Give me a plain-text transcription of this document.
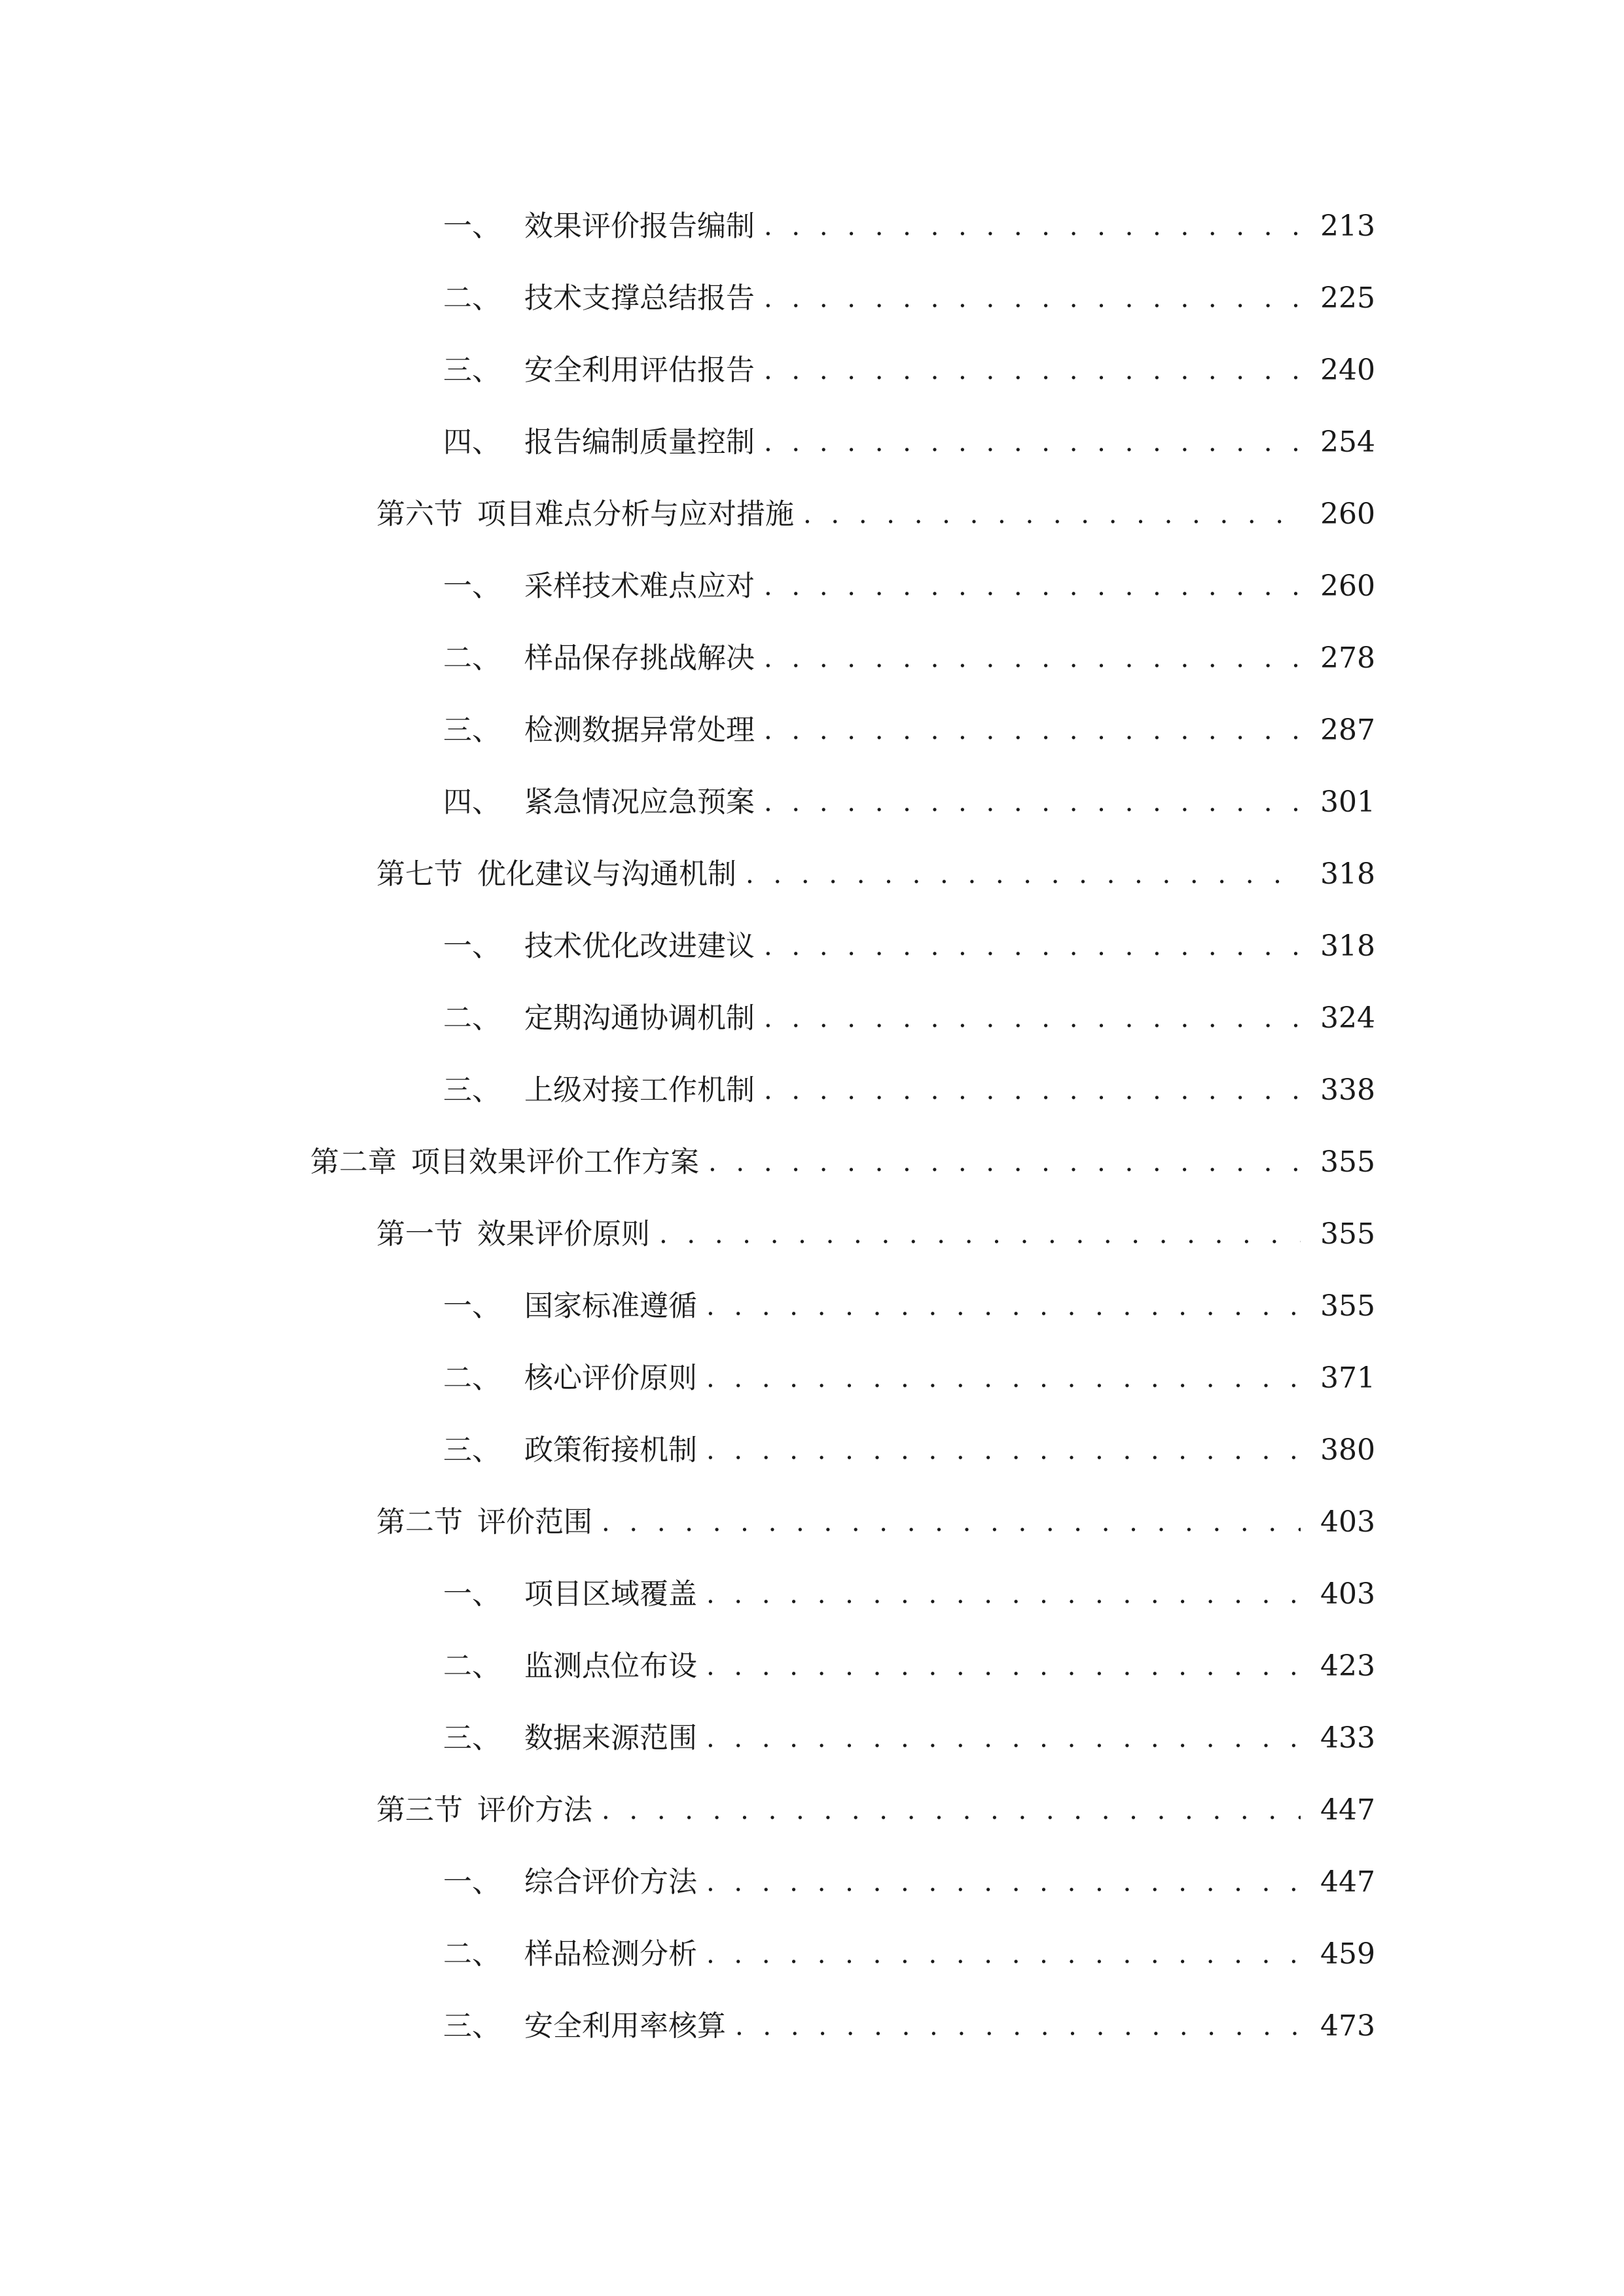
一、 效果评价报告编制 . . .	213
二、 技术支撑总结报告 . . .	225
三、 安全利用评估报告 . . .	240
四、 报告编制质量控制 . . .	254
第六节 项目难点分析与应对措施 . . .	260
一、 采样技术难点应对 . . .	260
二、 样品保存挑战解决 . . .	278
三、 检测数据异常处理 . . .	287
四、 紧急情况应急预案 . . .	301
第七节 优化建议与沟通机制 . . .	318
一、 技术优化改进建议 . . .	318
二、 定期沟通协调机制 . . .	324
三、 上级对接工作机制 . . .	338
第二章 项目效果评价工作方案 . . .	355
第一节 效果评价原则 . . .	355
一、 国家标准遵循 . . .	355
二、 核心评价原则 . . .	371
三、 政策衔接机制 . . .	380
第二节 评价范围 . . .	403
一、 项目区域覆盖 . . .	403
二、 监测点位布设 . . .	423
三、 数据来源范围 . . .	433
第三节 评价方法 . . .	447
一、 综合评价方法 . . .	447
二、 样品检测分析 . . .	459
三、 安全利用率核算 . . .	473
